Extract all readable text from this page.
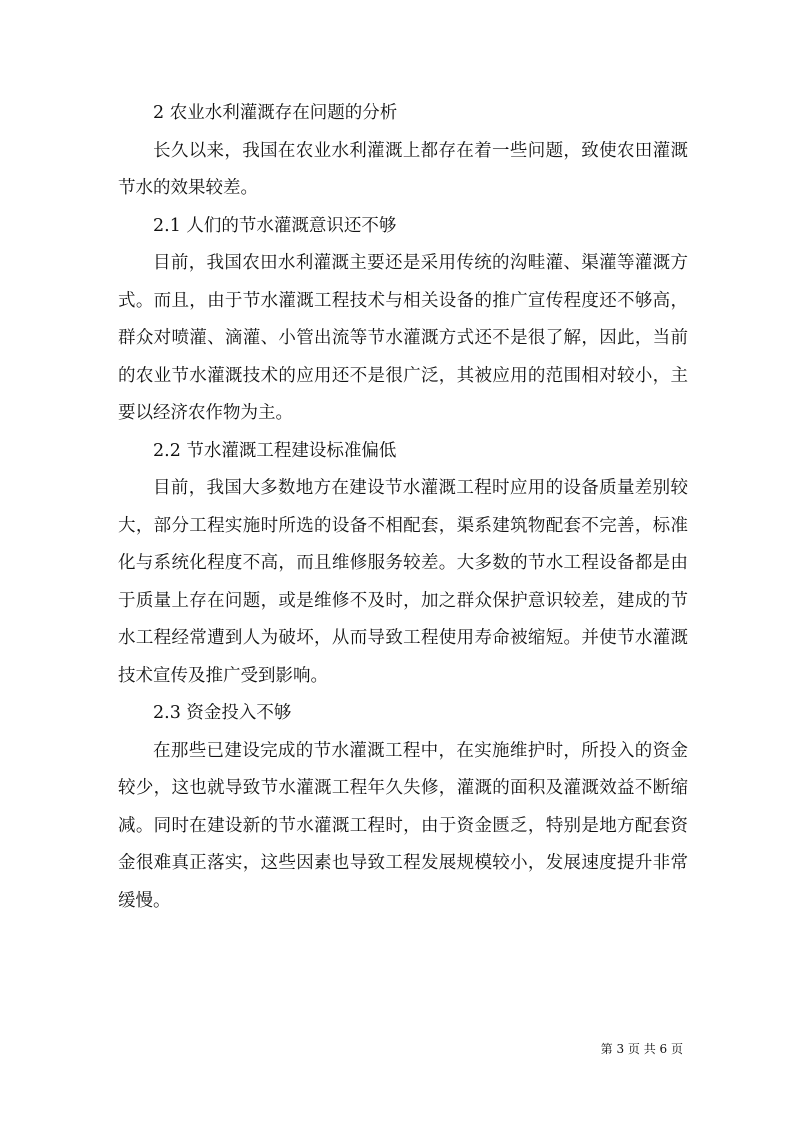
2 农业水利灌溉存在问题的分析

长久以来，我国在农业水利灌溉上都存在着一些问题，致使农田灌溉节水的效果较差。

2.1 人们的节水灌溉意识还不够

目前，我国农田水利灌溉主要还是采用传统的沟畦灌、渠灌等灌溉方式。而且，由于节水灌溉工程技术与相关设备的推广宣传程度还不够高，群众对喷灌、滴灌、小管出流等节水灌溉方式还不是很了解，因此，当前的农业节水灌溉技术的应用还不是很广泛，其被应用的范围相对较小，主要以经济农作物为主。

2.2 节水灌溉工程建设标准偏低

目前，我国大多数地方在建设节水灌溉工程时应用的设备质量差别较大，部分工程实施时所选的设备不相配套，渠系建筑物配套不完善，标准化与系统化程度不高，而且维修服务较差。大多数的节水工程设备都是由于质量上存在问题，或是维修不及时，加之群众保护意识较差，建成的节水工程经常遭到人为破坏，从而导致工程使用寿命被缩短。并使节水灌溉技术宣传及推广受到影响。

2.3 资金投入不够

在那些已建设完成的节水灌溉工程中，在实施维护时，所投入的资金较少，这也就导致节水灌溉工程年久失修，灌溉的面积及灌溉效益不断缩减。同时在建设新的节水灌溉工程时，由于资金匮乏，特别是地方配套资金很难真正落实，这些因素也导致工程发展规模较小，发展速度提升非常缓慢。

第 3 页 共 6 页
